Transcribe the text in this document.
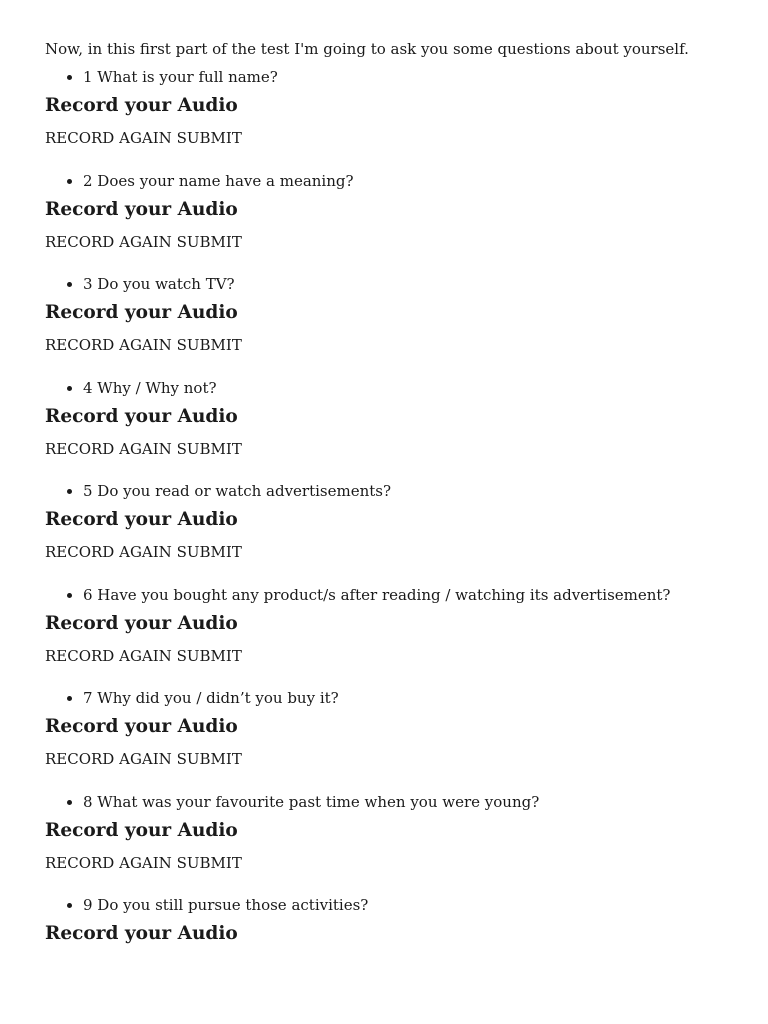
Now, in this first part of the test I'm going to ask you some questions about yourself.

1 What is your full name?
Record your Audio
RECORD AGAIN SUBMIT
2 Does your name have a meaning?
Record your Audio
RECORD AGAIN SUBMIT
3 Do you watch TV?
Record your Audio
RECORD AGAIN SUBMIT
4 Why / Why not?
Record your Audio
RECORD AGAIN SUBMIT
5 Do you read or watch advertisements?
Record your Audio
RECORD AGAIN SUBMIT
6 Have you bought any product/s after reading / watching its advertisement?
Record your Audio
RECORD AGAIN SUBMIT
7 Why did you / didn’t you buy it?
Record your Audio
RECORD AGAIN SUBMIT
8 What was your favourite past time when you were young?
Record your Audio
RECORD AGAIN SUBMIT
9 Do you still pursue those activities?
Record your Audio
